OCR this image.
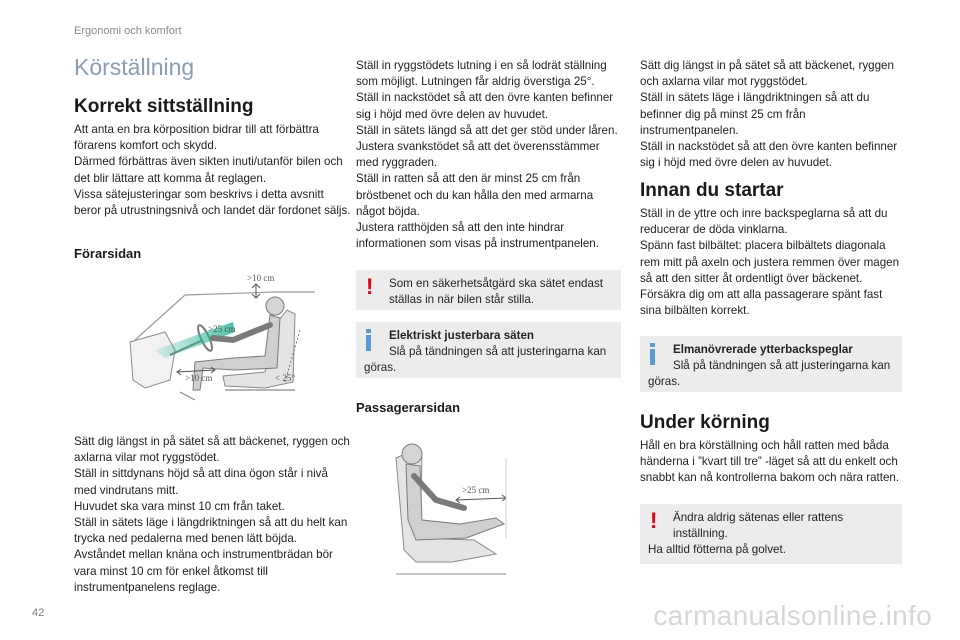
Ergonomi och komfort
42	carmanualsonline.info
Körställning
Korrekt sittställning

Att anta en bra körposition bidrar till att förbättra förarens komfort och skydd.
Därmed förbättras även sikten inuti/utanför bilen och det blir lättare att komma åt reglagen.
Vissa sätejusteringar som beskrivs i detta avsnitt beror på utrustningsnivå och landet där fordonet säljs.

Förarsidan
>10 cm
>25 cm
>10 cm	< 25°

Sätt dig längst in på sätet så att bäckenet, ryggen och axlarna vilar mot ryggstödet.
Ställ in sittdynans höjd så att dina ögon står i nivå med vindrutans mitt.
Huvudet ska vara minst 10 cm från taket.
Ställ in sätets läge i längdriktningen så att du helt kan trycka ned pedalerna med benen lätt böjda.
Avståndet mellan knäna och instrumentbrädan bör vara minst 10 cm för enkel åtkomst till instrumentpanelens reglage.

Ställ in ryggstödets lutning i en så lodrät ställning som möjligt. Lutningen får aldrig överstiga 25°.
Ställ in nackstödet så att den övre kanten befinner sig i höjd med övre delen av huvudet.
Ställ in sätets längd så att det ger stöd under låren.
Justera svankstödet så att det överensstämmer med ryggraden.
Ställ in ratten så att den är minst 25 cm från bröstbenet och du kan hålla den med armarna något böjda.
Justera ratthöjden så att den inte hindrar informationen som visas på instrumentpanelen.

!	Som en säkerhetsåtgärd ska sätet endast ställas in när bilen står stilla.
Elektriskt justerbara säten
Slå på tändningen så att justeringarna kan göras.
Passagerarsidan
>25 cm

Sätt dig längst in på sätet så att bäckenet, ryggen och axlarna vilar mot ryggstödet.
Ställ in sätets läge i längdriktningen så att du befinner dig på minst 25 cm från instrumentpanelen.
Ställ in nackstödet så att den övre kanten befinner sig i höjd med övre delen av huvudet.

Innan du startar

Ställ in de yttre och inre backspeglarna så att du reducerar de döda vinklarna.
Spänn fast bilbältet: placera bilbältets diagonala rem mitt på axeln och justera remmen över magen så att den sitter åt ordentligt över bäckenet.
Försäkra dig om att alla passagerare spänt fast sina bilbälten korrekt.

Elmanövrerade ytterbackspeglar
Slå på tändningen så att justeringarna kan göras.
Under körning

Håll en bra körställning och håll ratten med båda händerna i ”kvart till tre” -läget så att du enkelt och snabbt kan nå kontrollerna bakom och nära ratten.

!	Ändra aldrig sätenas eller rattens inställning.
Ha alltid fötterna på golvet.
